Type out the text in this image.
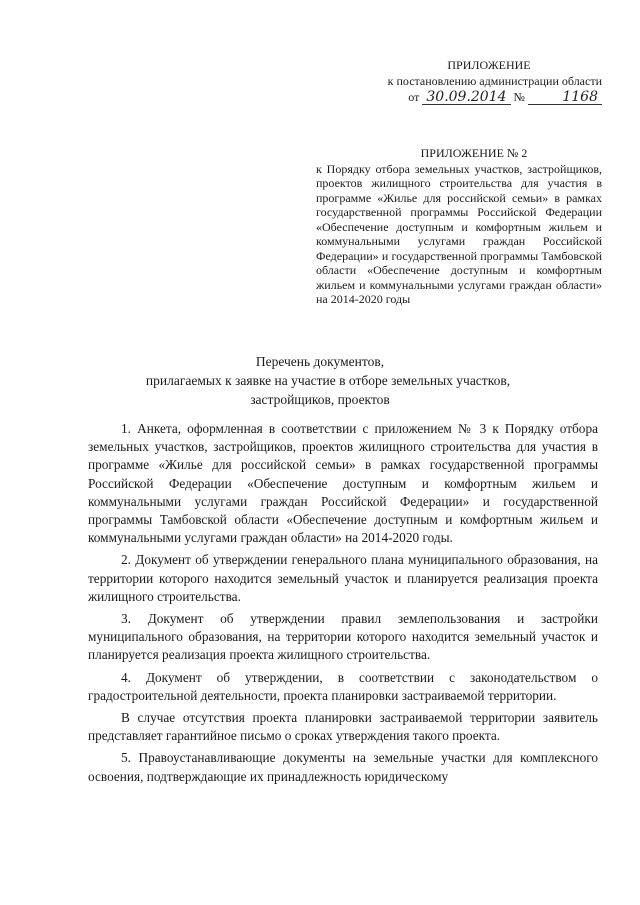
ПРИЛОЖЕНИЕ
к постановлению администрации области
от 30.09.2014 №	1168
ПРИЛОЖЕНИЕ № 2
к Порядку отбора земельных участков, застройщиков, проектов жилищного строительства для участия в программе «Жилье для российской семьи» в рамках государственной программы Российской Федерации «Обеспечение доступным и комфортным жильем и коммунальными услугами граждан Российской Федерации» и государственной программы Тамбовской области «Обеспечение доступным и комфортным жильем и коммунальными услугами граждан области» на 2014-2020 годы
Перечень документов,
прилагаемых к заявке на участие в отборе земельных участков,
застройщиков, проектов

1. Анкета, оформленная в соответствии с приложением № 3 к Порядку отбора земельных участков, застройщиков, проектов жилищного строительства для участия в программе «Жилье для российской семьи» в рамках государственной программы Российской Федерации «Обеспечение доступным и комфортным жильем и коммунальными услугами граждан Российской Федерации» и государственной программы Тамбовской области «Обеспечение доступным и комфортным жильем и коммунальными услугами граждан области» на 2014-2020 годы.

2. Документ об утверждении генерального плана муниципального образования, на территории которого находится земельный участок и планируется реализация проекта жилищного строительства.

3. Документ об утверждении правил землепользования и застройки муниципального образования, на территории которого находится земельный участок и планируется реализация проекта жилищного строительства.

4. Документ об утверждении, в соответствии с законодательством о градостроительной деятельности, проекта планировки застраиваемой территории.

В случае отсутствия проекта планировки застраиваемой территории заявитель представляет гарантийное письмо о сроках утверждения такого проекта.

5. Правоустанавливающие документы на земельные участки для комплексного освоения, подтверждающие их принадлежность юридическому
